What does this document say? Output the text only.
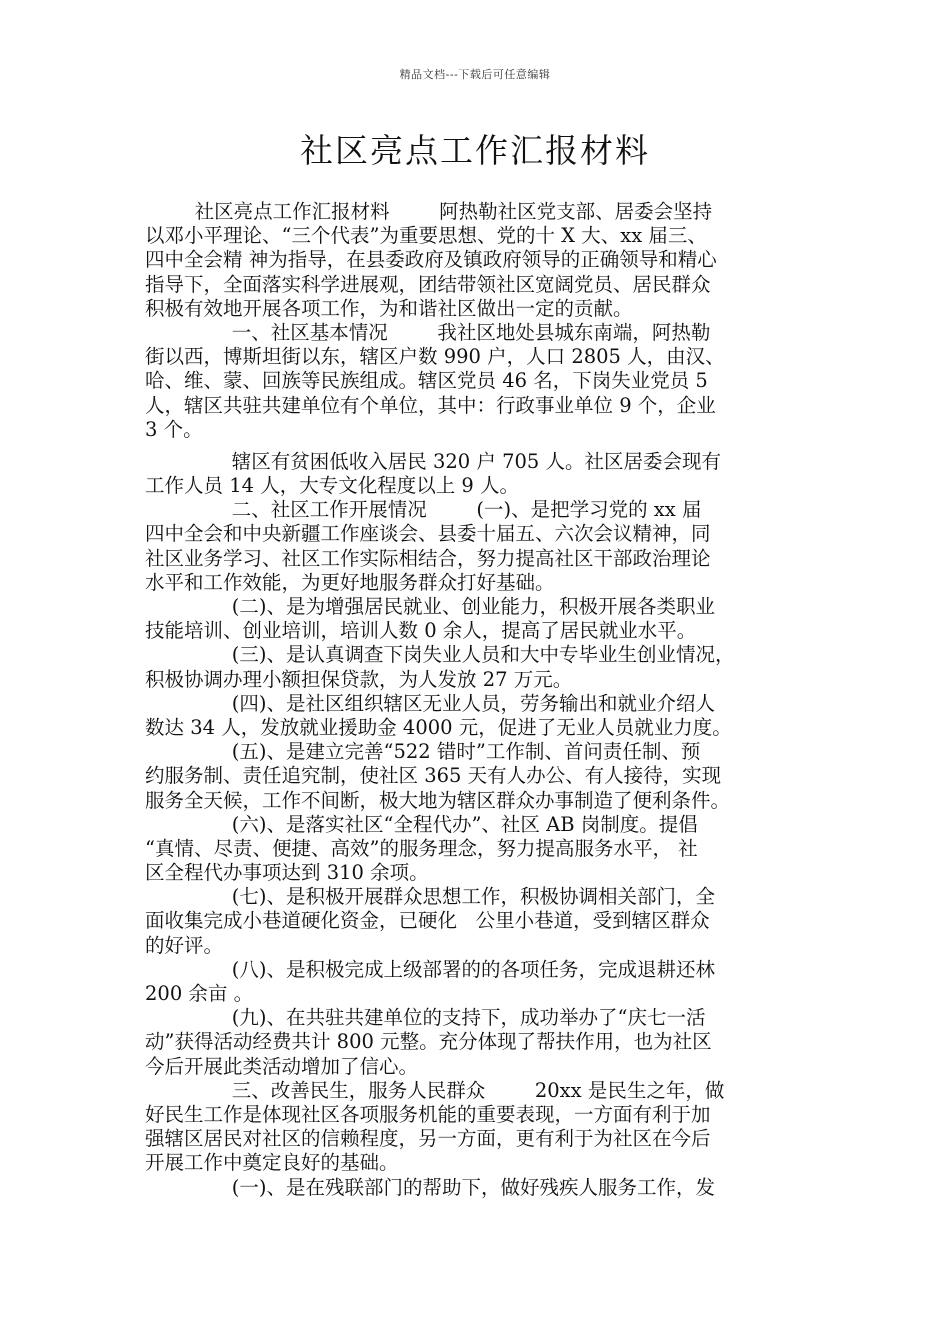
精品文档---下载后可任意编辑
社区亮点工作汇报材料
社区亮点工作汇报材料        阿热勒社区党支部、居委会坚持
以邓小平理论、“三个代表”为重要思想、党的十 X 大、xx 届三、
四中全会精 神为指导，在县委政府及镇政府领导的正确领导和精心
指导下，全面落实科学进展观，团结带领社区宽阔党员、居民群众
积极有效地开展各项工作，为和谐社区做出一定的贡献。
一、社区基本情况        我社区地处县城东南端，阿热勒
街以西，博斯坦街以东，辖区户数 990 户，人口 2805 人，由汉、
哈、维、蒙、回族等民族组成。辖区党员 46 名，下岗失业党员 5
人，辖区共驻共建单位有个单位，其中：行政事业单位 9 个，企业
3 个。
辖区有贫困低收入居民 320 户 705 人。社区居委会现有
工作人员 14 人，大专文化程度以上 9 人。
二、社区工作开展情况        (一)、是把学习党的 xx 届
四中全会和中央新疆工作座谈会、县委十届五、六次会议精神，同
社区业务学习、社区工作实际相结合，努力提高社区干部政治理论
水平和工作效能，为更好地服务群众打好基础。
(二)、是为增强居民就业、创业能力，积极开展各类职业
技能培训、创业培训，培训人数 0 余人，提高了居民就业水平。
(三)、是认真调查下岗失业人员和大中专毕业生创业情况，
积极协调办理小额担保贷款，为人发放 27 万元。
(四)、是社区组织辖区无业人员，劳务输出和就业介绍人
数达 34 人，发放就业援助金 4000 元，促进了无业人员就业力度。
(五)、是建立完善“522 错时”工作制、首问责任制、预
约服务制、责任追究制，使社区 365 天有人办公、有人接待，实现
服务全天候，工作不间断，极大地为辖区群众办事制造了便利条件。
(六)、是落实社区“全程代办”、社区 AB 岗制度。提倡
“真情、尽责、便捷、高效”的服务理念，努力提高服务水平， 社
区全程代办事项达到 310 余项。
(七)、是积极开展群众思想工作，积极协调相关部门，全
面收集完成小巷道硬化资金，已硬化   公里小巷道，受到辖区群众
的好评。
(八)、是积极完成上级部署的的各项任务，完成退耕还林
200 余亩 。
(九)、在共驻共建单位的支持下，成功举办了“庆七一活
动”获得活动经费共计 800 元整。充分体现了帮扶作用，也为社区
今后开展此类活动增加了信心。
三、改善民生，服务人民群众        20xx 是民生之年，做
好民生工作是体现社区各项服务机能的重要表现，一方面有利于加
强辖区居民对社区的信赖程度，另一方面，更有利于为社区在今后
开展工作中奠定良好的基础。
(一)、是在残联部门的帮助下，做好残疾人服务工作，发
